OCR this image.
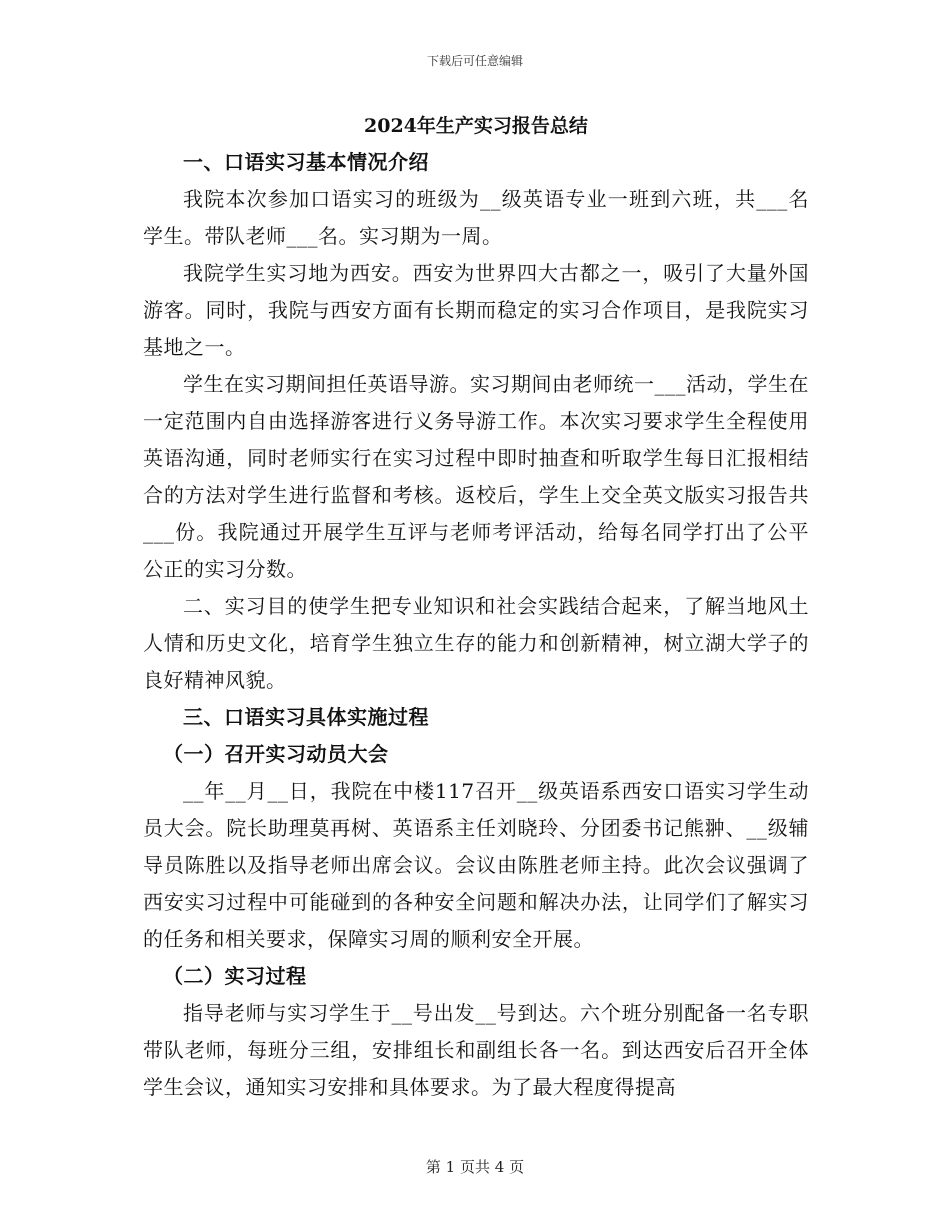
下载后可任意编辑
2024年生产实习报告总结

一、口语实习基本情况介绍

我院本次参加口语实习的班级为__级英语专业一班到六班，共___名学生。带队老师___名。实习期为一周。

我院学生实习地为西安。西安为世界四大古都之一，吸引了大量外国游客。同时，我院与西安方面有长期而稳定的实习合作项目，是我院实习基地之一。

学生在实习期间担任英语导游。实习期间由老师统一___活动，学生在一定范围内自由选择游客进行义务导游工作。本次实习要求学生全程使用英语沟通，同时老师实行在实习过程中即时抽查和听取学生每日汇报相结合的方法对学生进行监督和考核。返校后，学生上交全英文版实习报告共___份。我院通过开展学生互评与老师考评活动，给每名同学打出了公平公正的实习分数。

二、实习目的使学生把专业知识和社会实践结合起来，了解当地风土人情和历史文化，培育学生独立生存的能力和创新精神，树立湖大学子的良好精神风貌。

三、口语实习具体实施过程

（一）召开实习动员大会

__年__月__日，我院在中楼117召开__级英语系西安口语实习学生动员大会。院长助理莫再树、英语系主任刘晓玲、分团委书记熊翀、__级辅导员陈胜以及指导老师出席会议。会议由陈胜老师主持。此次会议强调了西安实习过程中可能碰到的各种安全问题和解决办法，让同学们了解实习的任务和相关要求，保障实习周的顺利安全开展。

（二）实习过程

指导老师与实习学生于__号出发__号到达。六个班分别配备一名专职带队老师，每班分三组，安排组长和副组长各一名。到达西安后召开全体学生会议，通知实习安排和具体要求。为了最大程度得提高

第 1 页共 4 页
